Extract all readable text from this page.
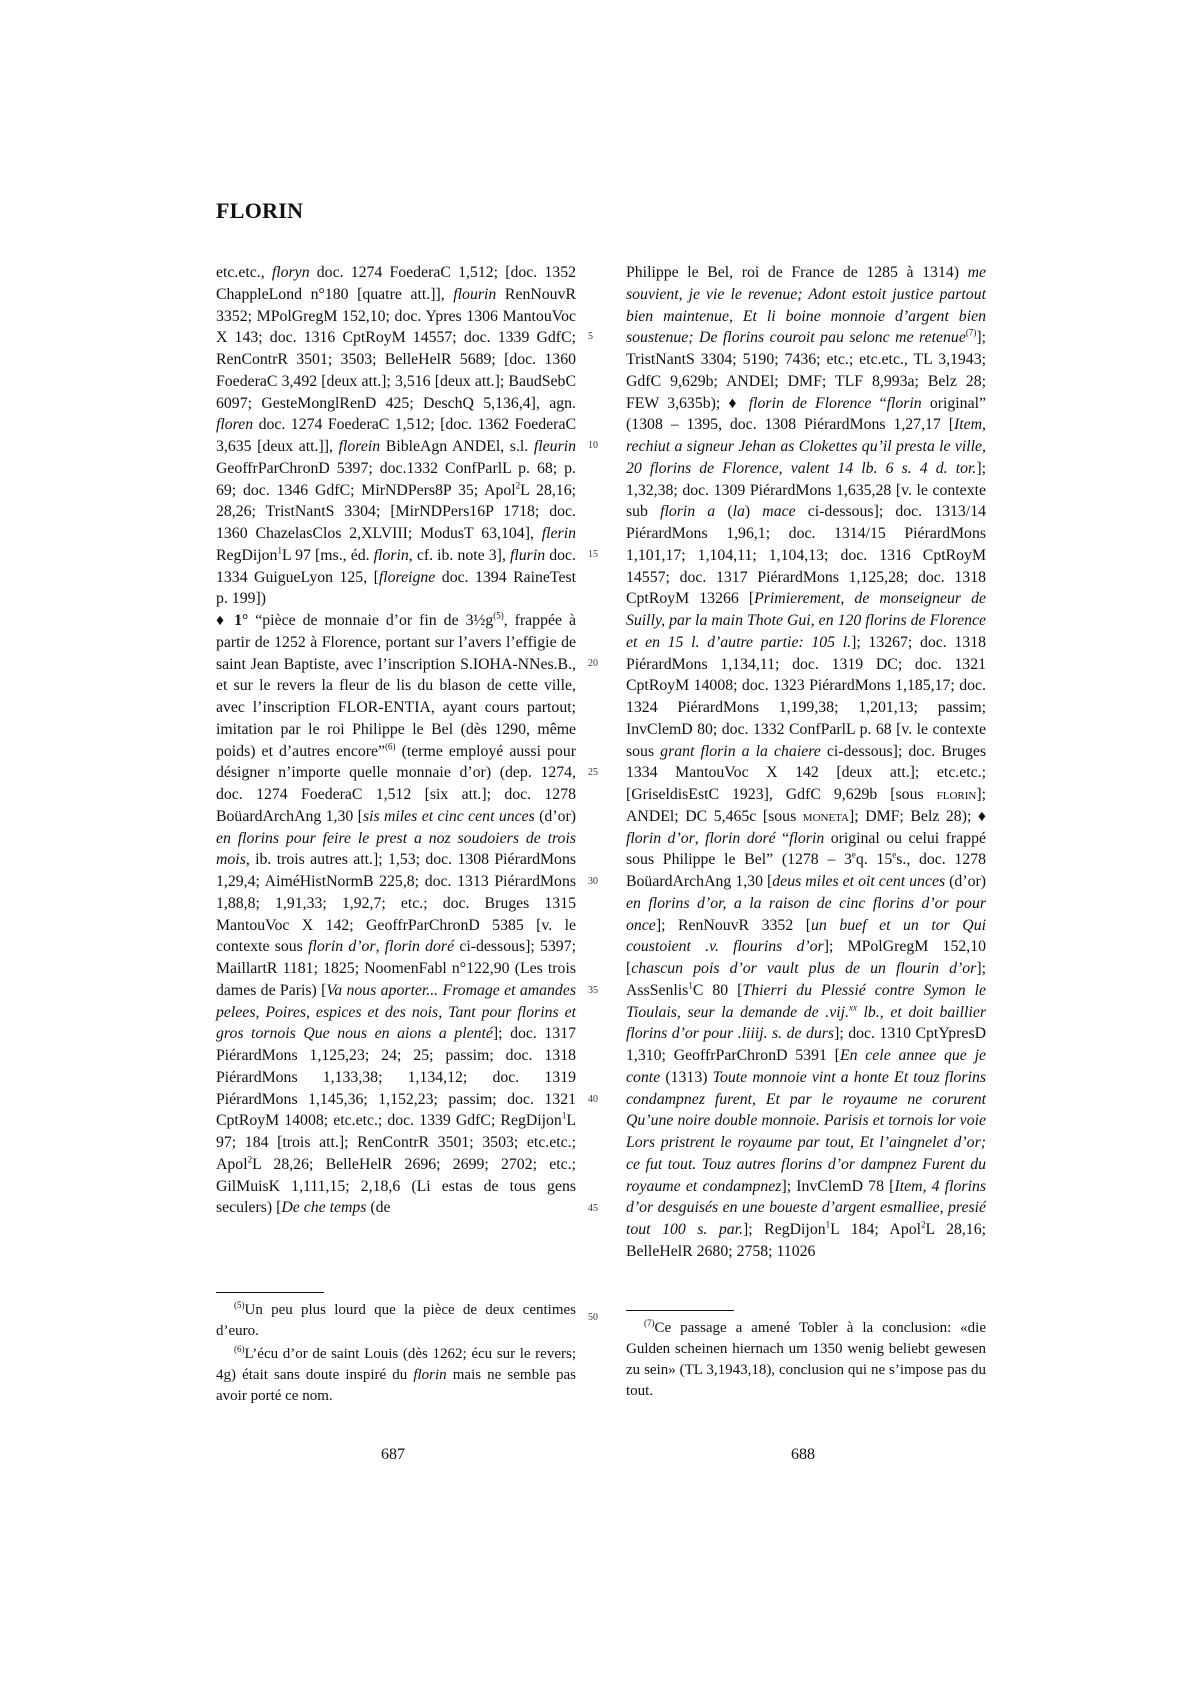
FLORIN

etc.etc., floryn doc. 1274 FoederaC 1,512; [doc. 1352 ChappleLond n°180 [quatre att.]], flourin RenNouvR 3352; MPolGregM 152,10; doc. Ypres 1306 MantouVoc X 143; doc. 1316 CptRoyM 14557; doc. 1339 GdfC; RenContrR 3501; 3503; BelleHelR 5689; [doc. 1360 FoederaC 3,492 [deux att.]; 3,516 [deux att.]; BaudSebC 6097; GesteMonglRenD 425; DeschQ 5,136,4], agn. floren doc. 1274 FoederaC 1,512; [doc. 1362 FoederaC 3,635 [deux att.]], florein BibleAgn ANDEl, s.l. fleurin GeoffrParChronD 5397; doc.1332 ConfParlL p. 68; p. 69; doc. 1346 GdfC; MirNDPers8P 35; Apol$^2$L 28,16; 28,26; TristNantS 3304; [MirNDPers16P 1718; doc. 1360 ChazelasClos 2,XLVIII; ModusT 63,104], flerin RegDijon$^1$L 97 [ms., éd. florin, cf. ib. note 3], flurin doc. 1334 GuigueLyon 125, [floreigne doc. 1394 RaineTest p. 199])

♦ 1° “pièce de monnaie d’or fin de $3\frac{1}{2}g^{(5)}$, frappée à partir de 1252 à Florence, portant sur l’avers l’effigie de saint Jean Baptiste, avec l’inscription S.IOHA-NNes.B., et sur le revers la fleur de lis du blason de cette ville, avec l’inscription FLOR-ENTIA, ayant cours partout; imitation par le roi Philippe le Bel (dès 1290, même poids) et d’autres encore”$^{(6)}$ (terme employé aussi pour désigner n’importe quelle monnaie d’or) (dep. 1274, doc. 1274 FoederaC 1,512 [six att.]; doc. 1278 BoüardArchAng 1,30 [sis miles et cinc cent unces (d’or) en florins pour feire le prest a noz soudoiers de trois mois, ib. trois autres att.]; 1,53; doc. 1308 PiérardMons 1,29,4; AiméHistNormB 225,8; doc. 1313 PiérardMons 1,88,8; 1,91,33; 1,92,7; etc.; doc. Bruges 1315 MantouVoc X 142; GeoffrParChronD 5385 [v. le contexte sous florin d’or, florin doré ci-dessous]; 5397; MaillartR 1181; 1825; NoomenFabl n°122,90 (Les trois dames de Paris) [Va nous aporter... Fromage et amandes pelees, Poires, espices et des nois, Tant pour florins et gros tornois Que nous en aions a plenté]; doc. 1317 PiérardMons 1,125,23; 24; 25; passim; doc. 1318 PiérardMons 1,133,38; 1,134,12; doc. 1319 PiérardMons 1,145,36; 1,152,23; passim; doc. 1321 CptRoyM 14008; etc.etc.; doc. 1339 GdfC; RegDijon$^1$L 97; 184 [trois att.]; RenContrR 3501; 3503; etc.etc.; Apol$^2$L 28,26; BelleHelR 2696; 2699; 2702; etc.; GilMuisK 1,111,15; 2,18,6 (Li estas de tous gens seculers) [De che temps (de

5
10
15
20
25
30
35
40
45
50

Philippe le Bel, roi de France de 1285 à 1314) me souvient, je vie le revenue; Adont estoit justice partout bien maintenue, Et li boine monnoie d’argent bien soustenue; De florins couroit pau selonc me retenue$^{(7)}$]; TristNantS 3304; 5190; 7436; etc.; etc.etc., TL 3,1943; GdfC 9,629b; ANDEl; DMF; TLF 8,993a; Belz 28; FEW 3,635b); ♦ florin de Florence “florin original” (1308 – 1395, doc. 1308 PiérardMons 1,27,17 [Item, rechiut a signeur Jehan as Clokettes qu’il presta le ville, 20 florins de Florence, valent 14 lb. 6 s. 4 d. tor.]; 1,32,38; doc. 1309 PiérardMons 1,635,28 [v. le contexte sub florin a (la) mace ci-dessous]; doc. 1313/14 PiérardMons 1,96,1; doc. 1314/15 PiérardMons 1,101,17; 1,104,11; 1,104,13; doc. 1316 CptRoyM 14557; doc. 1317 PiérardMons 1,125,28; doc. 1318 CptRoyM 13266 [Primierement, de monseigneur de Suilly, par la main Thote Gui, en 120 florins de Florence et en 15 l. d’autre partie: 105 l.]; 13267; doc. 1318 PiérardMons 1,134,11; doc. 1319 DC; doc. 1321 CptRoyM 14008; doc. 1323 PiérardMons 1,185,17; doc. 1324 PiérardMons 1,199,38; 1,201,13; passim; InvClemD 80; doc. 1332 ConfParlL p. 68 [v. le contexte sous grant florin a la chaiere ci-dessous]; doc. Bruges 1334 MantouVoc X 142 [deux att.]; etc.etc.; [GriseldisEstC 1923], GdfC 9,629b [sous florin]; ANDEl; DC 5,465c [sous moneta]; DMF; Belz 28); ♦ florin d’or, florin doré “florin original ou celui frappé sous Philippe le Bel” (1278 – 3eq. 15es., doc. 1278 BoüardArchAng 1,30 [deus miles et oit cent unces (d’or) en florins d’or, a la raison de cinc florins d’or pour once]; RenNouvR 3352 [un buef et un tor Qui coustoient .v. flourins d’or]; MPolGregM 152,10 [chascun pois d’or vault plus de un flourin d’or]; AssSenlis$^1$C 80 [Thierri du Plessié contre Symon le Tioulais, seur la demande de .vij.$^{xx}$ lb., et doit baillier florins d’or pour .liiij. s. de durs]; doc. 1310 CptYpresD 1,310; GeoffrParChronD 5391 [En cele annee que je conte (1313) Toute monnoie vint a honte Et touz florins condampnez furent, Et par le royaume ne corurent Qu’une noire double monnoie. Parisis et tornois lor voie Lors pristrent le royaume par tout, Et l’aingnelet d’or; ce fut tout. Touz autres florins d’or dampnez Furent du royaume et condampnez]; InvClemD 78 [Item, 4 florins d’or desguisés en une boueste d’argent esmalliee, presié tout 100 s. par.]; RegDijon$^1$L 184; Apol$^2$L 28,16; BelleHelR 2680; 2758; 11026

$^{(5)}$Un peu plus lourd que la pièce de deux centimes d’euro.

$^{(6)}$L’écu d’or de saint Louis (dès 1262; écu sur le revers; 4g) était sans doute inspiré du florin mais ne semble pas avoir porté ce nom.

$^{(7)}$Ce passage a amené Tobler à la conclusion: «die Gulden scheinen hiernach um 1350 wenig beliebt gewesen zu sein» (TL 3,1943,18), conclusion qui ne s’impose pas du tout.

687	688
